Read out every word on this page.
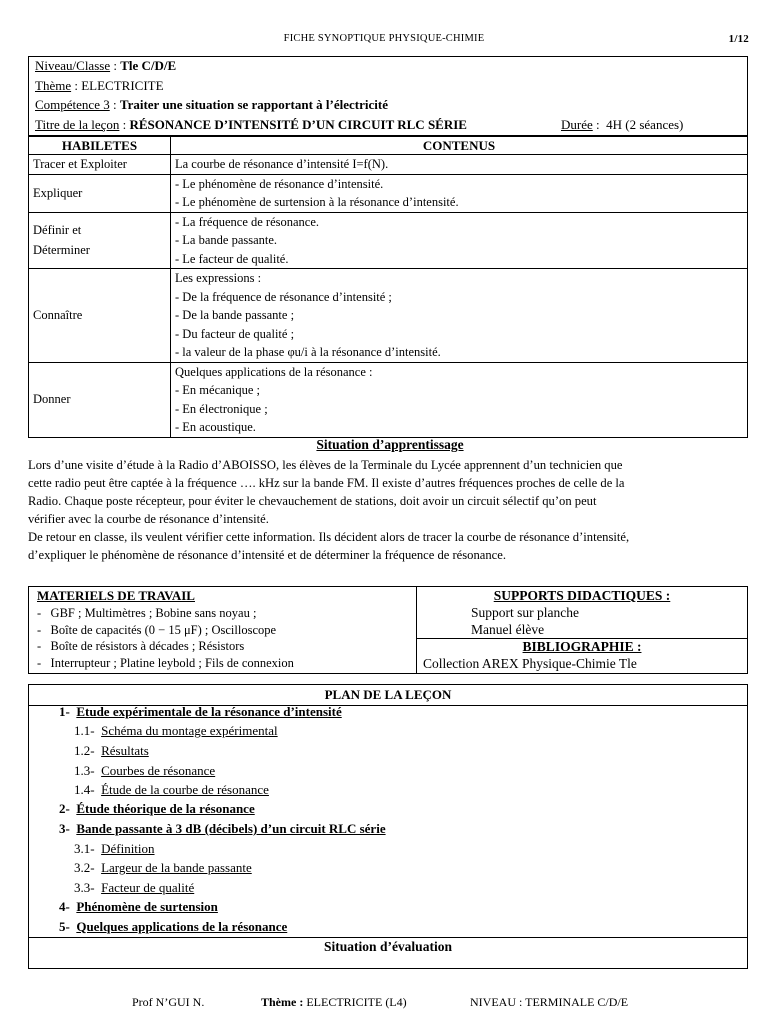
FICHE SYNOPTIQUE PHYSIQUE-CHIMIE	1/12
Niveau/Classe : Tle C/D/E
Thème : ELECTRICITE
Compétence 3 : Traiter une situation se rapportant à l’électricité
Titre de la leçon : RÉSONANCE D’INTENSITÉ D’UN CIRCUIT RLC SÉRIE	Durée :  4H (2 séances)
HABILETES	CONTENUS
Tracer et Exploiter	La courbe de résonance d’intensité I=f(N).

Expliquer	- Le phénomène de résonance d’intensité.
- Le phénomène de surtension à la résonance d’intensité.

Définir et Déterminer	- La fréquence de résonance.
- La bande passante.
- Le facteur de qualité.

Connaître	Les expressions :
- De la fréquence de résonance d’intensité ;
- De la bande passante ;
- Du facteur de qualité ;
- la valeur de la phase φu/i à la résonance d’intensité.

Donner	Quelques applications de la résonance :
- En mécanique ;
- En électronique ;
- En acoustique.
Situation d’apprentissage
Lors d’une visite d’étude à la Radio d’ABOISSO, les élèves de la Terminale du Lycée apprennent d’un technicien que
cette radio peut être captée à la fréquence …. kHz sur la bande FM. Il existe d’autres fréquences proches de celle de la
Radio. Chaque poste récepteur, pour éviter le chevauchement de stations, doit avoir un circuit sélectif qu’on peut
vérifier avec la courbe de résonance d’intensité.
De retour en classe, ils veulent vérifier cette information. Ils décident alors de tracer la courbe de résonance d’intensité,
d’expliquer le phénomène de résonance d’intensité et de déterminer la fréquence de résonance.
MATERIELS DE TRAVAIL
-   GBF ; Multimètres ; Bobine sans noyau ;
-   Boîte de capacités (0 − 15 μF) ; Oscilloscope
-   Boîte de résistors à décades ; Résistors
-   Interrupteur ; Platine leybold ; Fils de connexion
SUPPORTS DIDACTIQUES :
Support sur planche
Manuel élève
BIBLIOGRAPHIE :
Collection AREX Physique-Chimie Tle
PLAN DE LA LEÇON
1- Etude expérimentale de la résonance d’intensité
1.1- Schéma du montage expérimental
1.2- Résultats
1.3- Courbes de résonance
1.4- Étude de la courbe de résonance
2- Étude théorique de la résonance
3- Bande passante à 3 dB (décibels) d’un circuit RLC série
3.1- Définition
3.2- Largeur de la bande passante
3.3- Facteur de qualité
4- Phénomène de surtension
5- Quelques applications de la résonance
Situation d’évaluation
Prof N’GUI N.	Thème : ELECTRICITE (L4)	NIVEAU : TERMINALE C/D/E
